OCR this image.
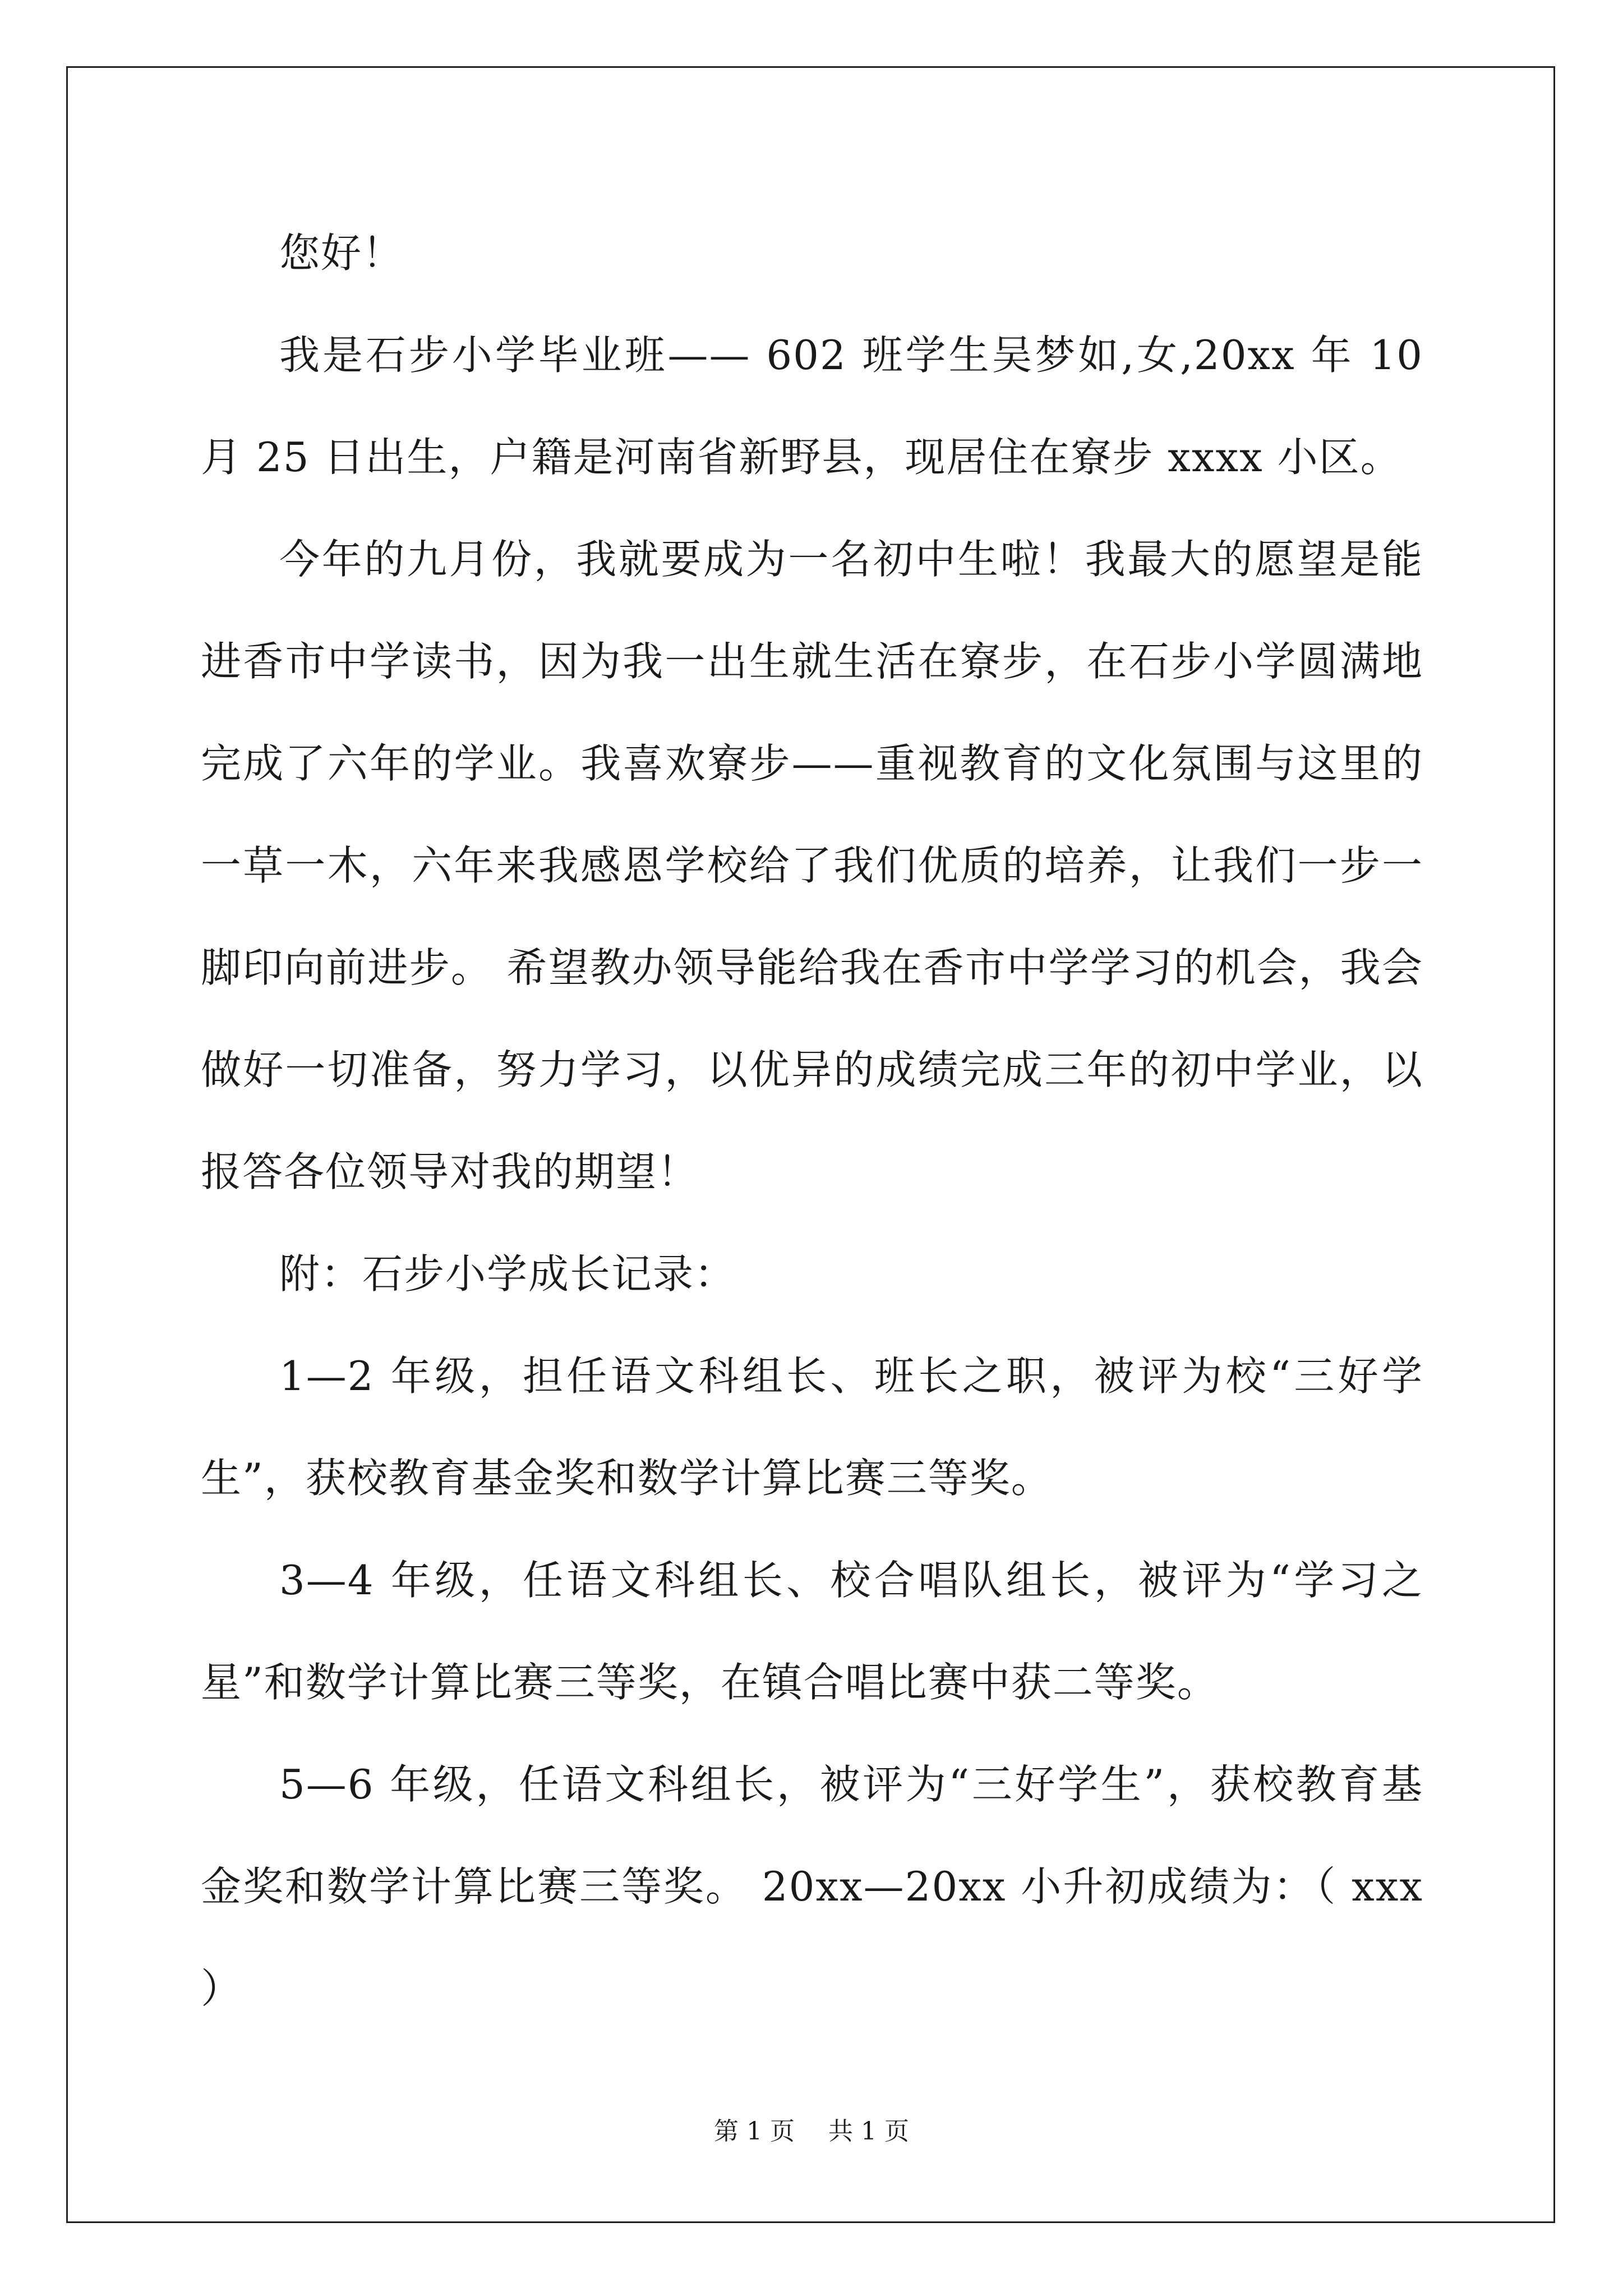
您好！

我是石步小学毕业班—— 602 班学生吴梦如,女,20xx 年 10 月 25 日出生，户籍是河南省新野县，现居住在寮步 xxxx 小区。

今年的九月份，我就要成为一名初中生啦！我最大的愿望是能进香市中学读书，因为我一出生就生活在寮步，在石步小学圆满地完成了六年的学业。我喜欢寮步——重视教育的文化氛围与这里的一草一木，六年来我感恩学校给了我们优质的培养，让我们一步一脚印向前进步。 希望教办领导能给我在香市中学学习的机会，我会做好一切准备，努力学习，以优异的成绩完成三年的初中学业，以报答各位领导对我的期望！

附：石步小学成长记录：

1—2 年级，担任语文科组长、班长之职，被评为校“三好学生”，获校教育基金奖和数学计算比赛三等奖。

3—4 年级，任语文科组长、校合唱队组长，被评为“学习之星”和数学计算比赛三等奖，在镇合唱比赛中获二等奖。

5—6 年级，任语文科组长，被评为“三好学生”，获校教育基金奖和数学计算比赛三等奖。 20xx—20xx 小升初成绩为：（ xxx ）

第 1 页 共 1 页
